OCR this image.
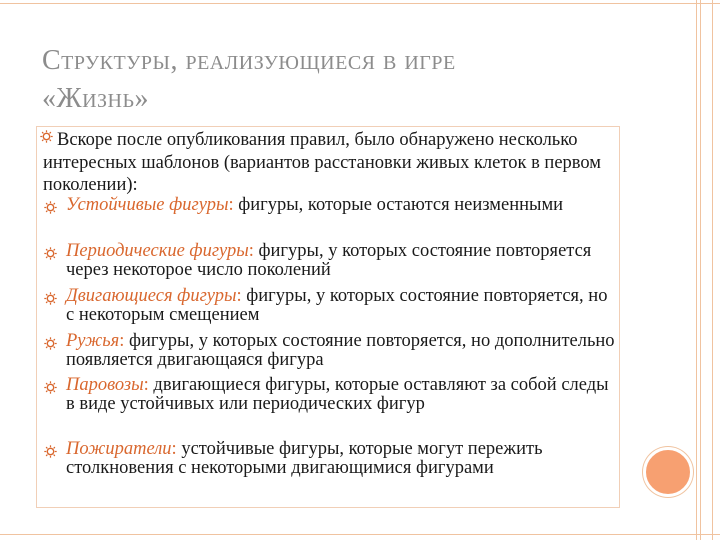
Структуры, реализующиеся в игре
«Жизнь»
Вскоре после опубликования правил, было обнаружено несколько интересных шаблонов (вариантов расстановки живых клеток в первом поколении):
Устойчивые фигуры: фигуры, которые остаются неизменными
Периодические фигуры: фигуры, у которых состояние повторяется через некоторое число поколений
Двигающиеся фигуры: фигуры, у которых состояние повторяется, но с некоторым смещением
Ружья: фигуры, у которых состояние повторяется, но дополнительно появляется двигающаяся фигура
Паровозы: двигающиеся фигуры, которые оставляют за собой следы в виде устойчивых или периодических фигур
Пожиратели: устойчивые фигуры, которые могут пережить столкновения с некоторыми двигающимися фигурами
